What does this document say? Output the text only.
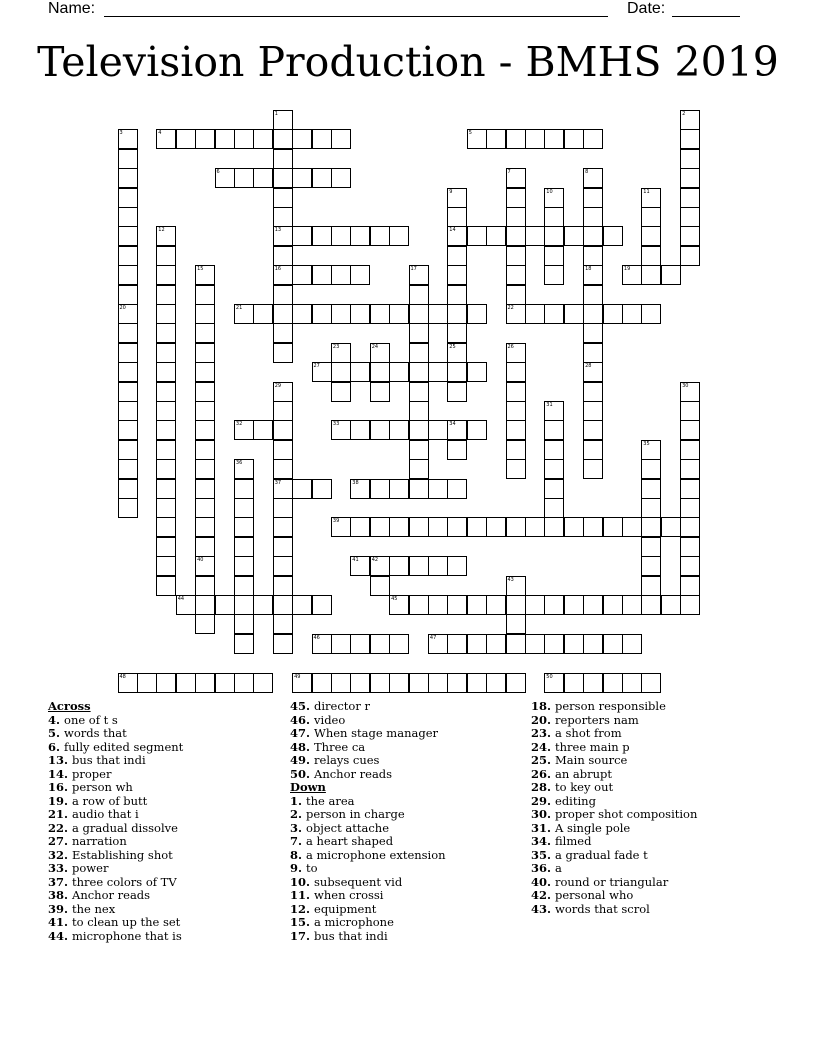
Name:	Date:
Television Production - BMHS 2019
4	5
6
13	14
16	19
21	22
27
32	33	34
37	38
39
41	42
44	45
46	47
48	49	50
1	2
3
7	8
9	10	11
12
15	17	18
28
20
23	24	25	26
29	30
31
35
36
40
43
Across
4. one of t s
5. words that
6. fully edited segment
13. bus that indi
14. proper
16. person wh
19. a row of butt
21. audio that i
22. a gradual dissolve
27. narration
32. Establishing shot
33. power
37. three colors of TV
38. Anchor reads
39. the nex
41. to clean up the set
44. microphone that is
45. director r
46. video
47. When stage manager
48. Three ca
49. relays cues
50. Anchor reads
Down
1. the area
2. person in charge
3. object attache
7. a heart shaped
8. a microphone extension
9. to
10. subsequent vid
11. when crossi
12. equipment
15. a microphone
17. bus that indi
18. person responsible
20. reporters nam
23. a shot from
24. three main p
25. Main source
26. an abrupt
28. to key out
29. editing
30. proper shot composition
31. A single pole
34. filmed
35. a gradual fade t
36. a
40. round or triangular
42. personal who
43. words that scrol
